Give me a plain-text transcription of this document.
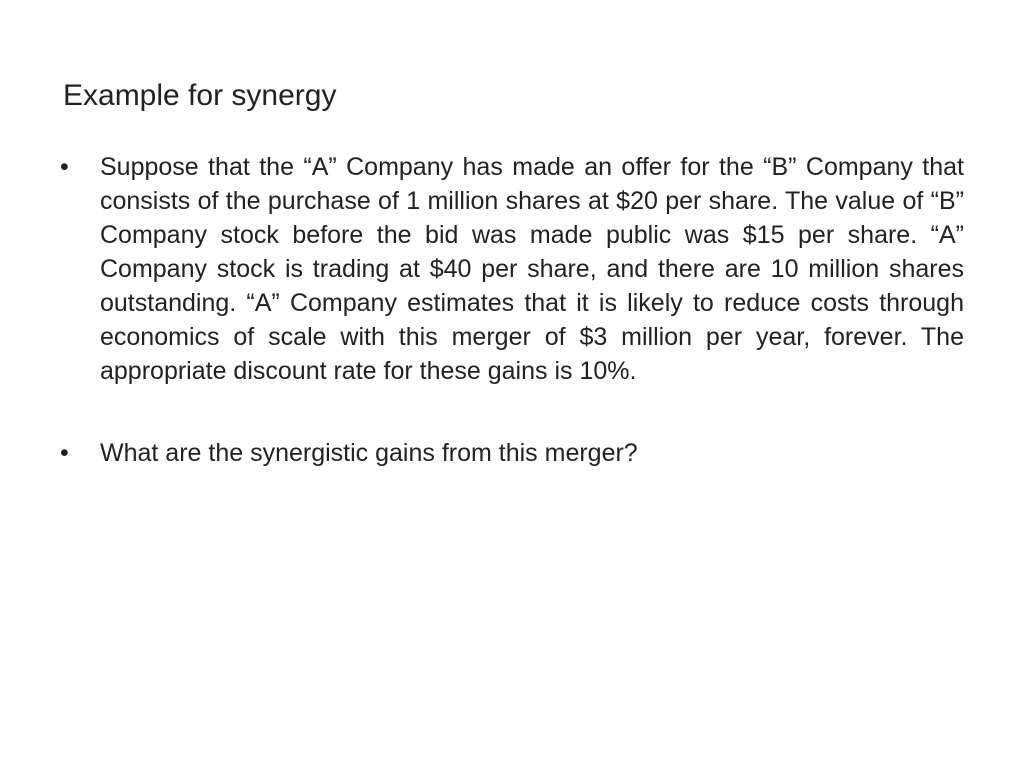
Example for synergy
•	Suppose that the “A” Company has made an offer for the “B” Company that consists of the purchase of 1 million shares at $20 per share. The value of “B” Company stock before the bid was made public was $15 per share. “A” Company stock is trading at $40 per share, and there are 10 million shares outstanding. “A” Company estimates that it is likely to reduce costs through economics of scale with this merger of $3 million per year, forever. The appropriate discount rate for these gains is 10%.
•	What are the synergistic gains from this merger?
